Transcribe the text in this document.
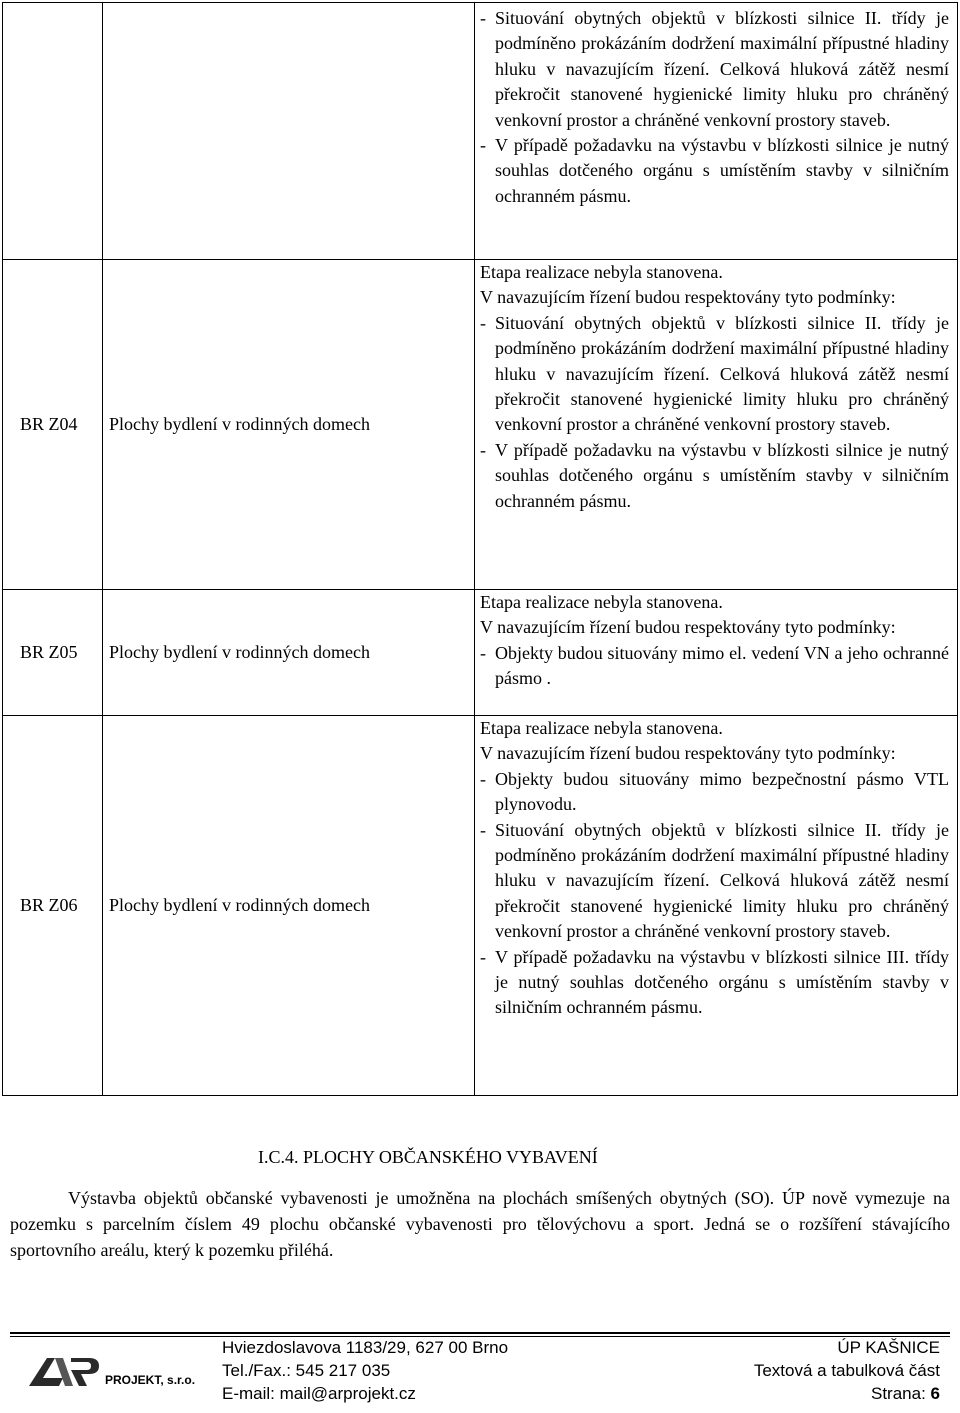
		- Situování obytných objektů v blízkosti silnice II. třídy je podmíněno prokázáním dodržení maximální přípustné hladiny hluku v navazujícím řízení. Celková hluková zátěž nesmí překročit stanovené hygienické limity hluku pro chráněný venkovní prostor a chráněné venkovní prostory staveb.
- V případě požadavku na výstavbu v blízkosti silnice je nutný souhlas dotčeného orgánu s umístěním stavby v silničním ochranném pásmu.

BR Z04	Plochy bydlení v rodinných domech	Etapa realizace nebyla stanovena.
V navazujícím řízení budou respektovány tyto podmínky:
- Situování obytných objektů v blízkosti silnice II. třídy je podmíněno prokázáním dodržení maximální přípustné hladiny hluku v navazujícím řízení. Celková hluková zátěž nesmí překročit stanovené hygienické limity hluku pro chráněný venkovní prostor a chráněné venkovní prostory staveb.
- V případě požadavku na výstavbu v blízkosti silnice je nutný souhlas dotčeného orgánu s umístěním stavby v silničním ochranném pásmu.

BR Z05	Plochy bydlení v rodinných domech	Etapa realizace nebyla stanovena.
V navazujícím řízení budou respektovány tyto podmínky:
- Objekty budou situovány mimo el. vedení VN a jeho ochranné pásmo .

BR Z06	Plochy bydlení v rodinných domech	Etapa realizace nebyla stanovena.
V navazujícím řízení budou respektovány tyto podmínky:
- Objekty budou situovány mimo bezpečnostní pásmo VTL plynovodu.
- Situování obytných objektů v blízkosti silnice II. třídy je podmíněno prokázáním dodržení maximální přípustné hladiny hluku v navazujícím řízení. Celková hluková zátěž nesmí překročit stanovené hygienické limity hluku pro chráněný venkovní prostor a chráněné venkovní prostory staveb.
- V případě požadavku na výstavbu v blízkosti silnice III. třídy je nutný souhlas dotčeného orgánu s umístěním stavby v silničním ochranném pásmu.
I.C.4. PLOCHY OBČANSKÉHO VYBAVENÍ
Výstavba objektů občanské vybavenosti je umožněna na plochách smíšených obytných (SO). ÚP nově vymezuje na pozemku s parcelním číslem 49 plochu občanské vybavenosti pro tělovýchovu a sport. Jedná se o rozšíření stávajícího sportovního areálu, který k pozemku přiléhá.
PROJEKT, s.r.o.
Hviezdoslavova 1183/29, 627 00 Brno
Tel./Fax.: 545 217 035
E-mail: mail@arprojekt.cz
ÚP KAŠNICE
Textová a tabulková část
Strana: 6
